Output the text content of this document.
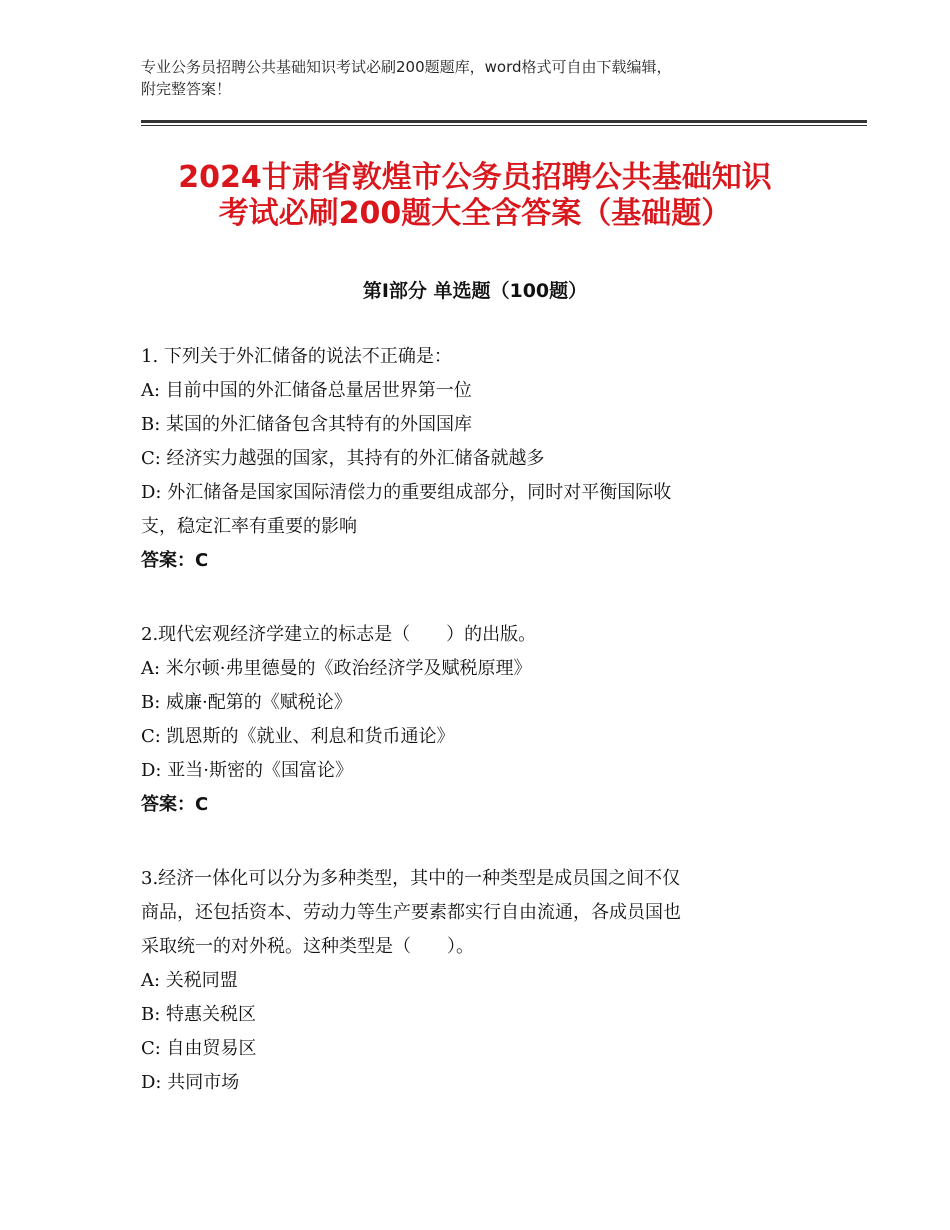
专业公务员招聘公共基础知识考试必刷200题题库，word格式可自由下载编辑，
附完整答案！
2024甘肃省敦煌市公务员招聘公共基础知识
考试必刷200题大全含答案（基础题）
第Ⅰ部分 单选题（100题）

1. 下列关于外汇储备的说法不正确是：

A: 目前中国的外汇储备总量居世界第一位

B: 某国的外汇储备包含其特有的外国国库

C: 经济实力越强的国家，其持有的外汇储备就越多

D: 外汇储备是国家国际清偿力的重要组成部分，同时对平衡国际收

支，稳定汇率有重要的影响

答案：C

2.现代宏观经济学建立的标志是（　　）的出版。

A: 米尔顿·弗里德曼的《政治经济学及赋税原理》

B: 威廉·配第的《赋税论》

C: 凯恩斯的《就业、利息和货币通论》

D: 亚当·斯密的《国富论》

答案：C

3.经济一体化可以分为多种类型，其中的一种类型是成员国之间不仅

商品，还包括资本、劳动力等生产要素都实行自由流通，各成员国也

采取统一的对外税。这种类型是（　　）。

A: 关税同盟

B: 特惠关税区

C: 自由贸易区

D: 共同市场
